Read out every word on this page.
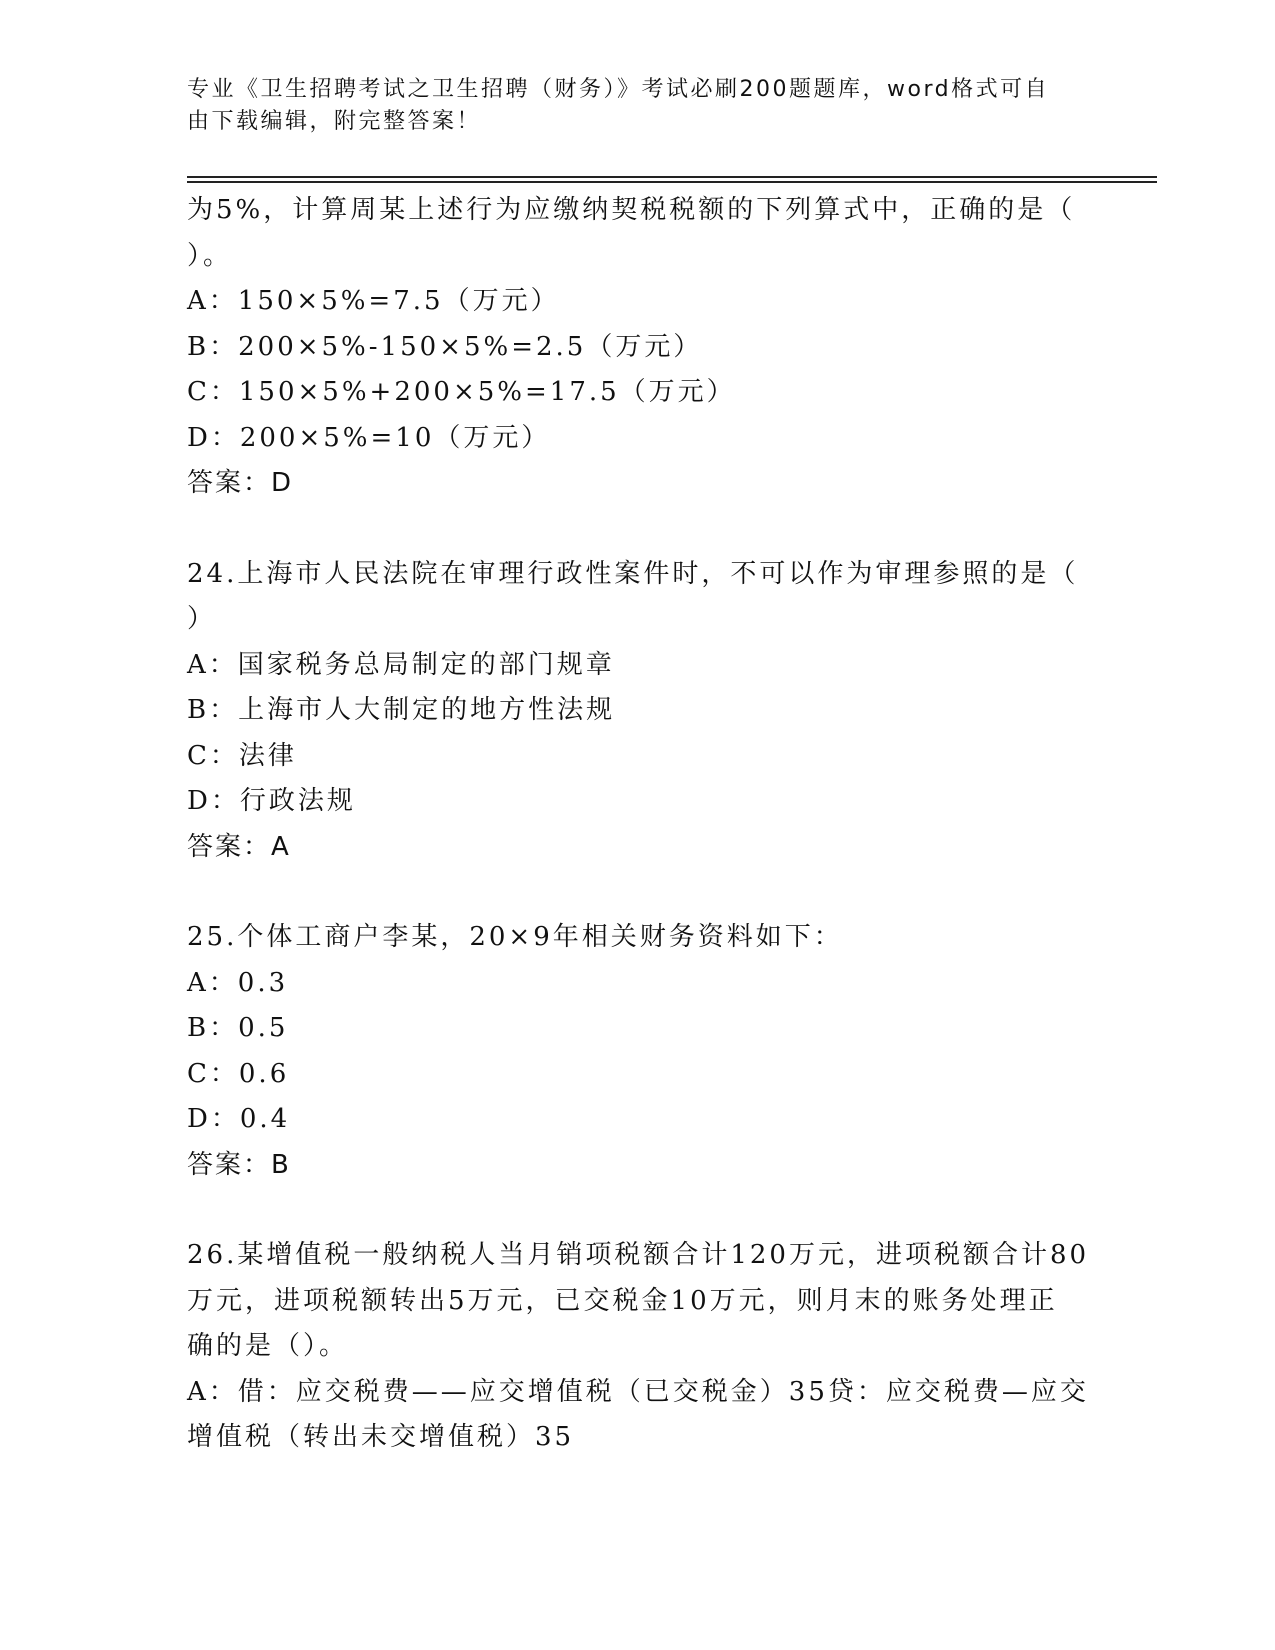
专业《卫生招聘考试之卫生招聘（财务）》考试必刷200题题库，word格式可自
由下载编辑，附完整答案！
为5%，计算周某上述行为应缴纳契税税额的下列算式中，正确的是（
）。
A：150×5%=7.5（万元）
B：200×5%-150×5%=2.5（万元）
C：150×5%+200×5%=17.5（万元）
D：200×5%=10（万元）
答案：D
24.上海市人民法院在审理行政性案件时，不可以作为审理参照的是（
）
A：国家税务总局制定的部门规章
B：上海市人大制定的地方性法规
C：法律
D：行政法规
答案：A
25.个体工商户李某，20×9年相关财务资料如下：
A：0.3
B：0.5
C：0.6
D：0.4
答案：B
26.某增值税一般纳税人当月销项税额合计120万元，进项税额合计80
万元，进项税额转出5万元，已交税金10万元，则月末的账务处理正
确的是（）。
A：借：应交税费——应交增值税（已交税金）35贷：应交税费—应交
增值税（转出未交增值税）35
